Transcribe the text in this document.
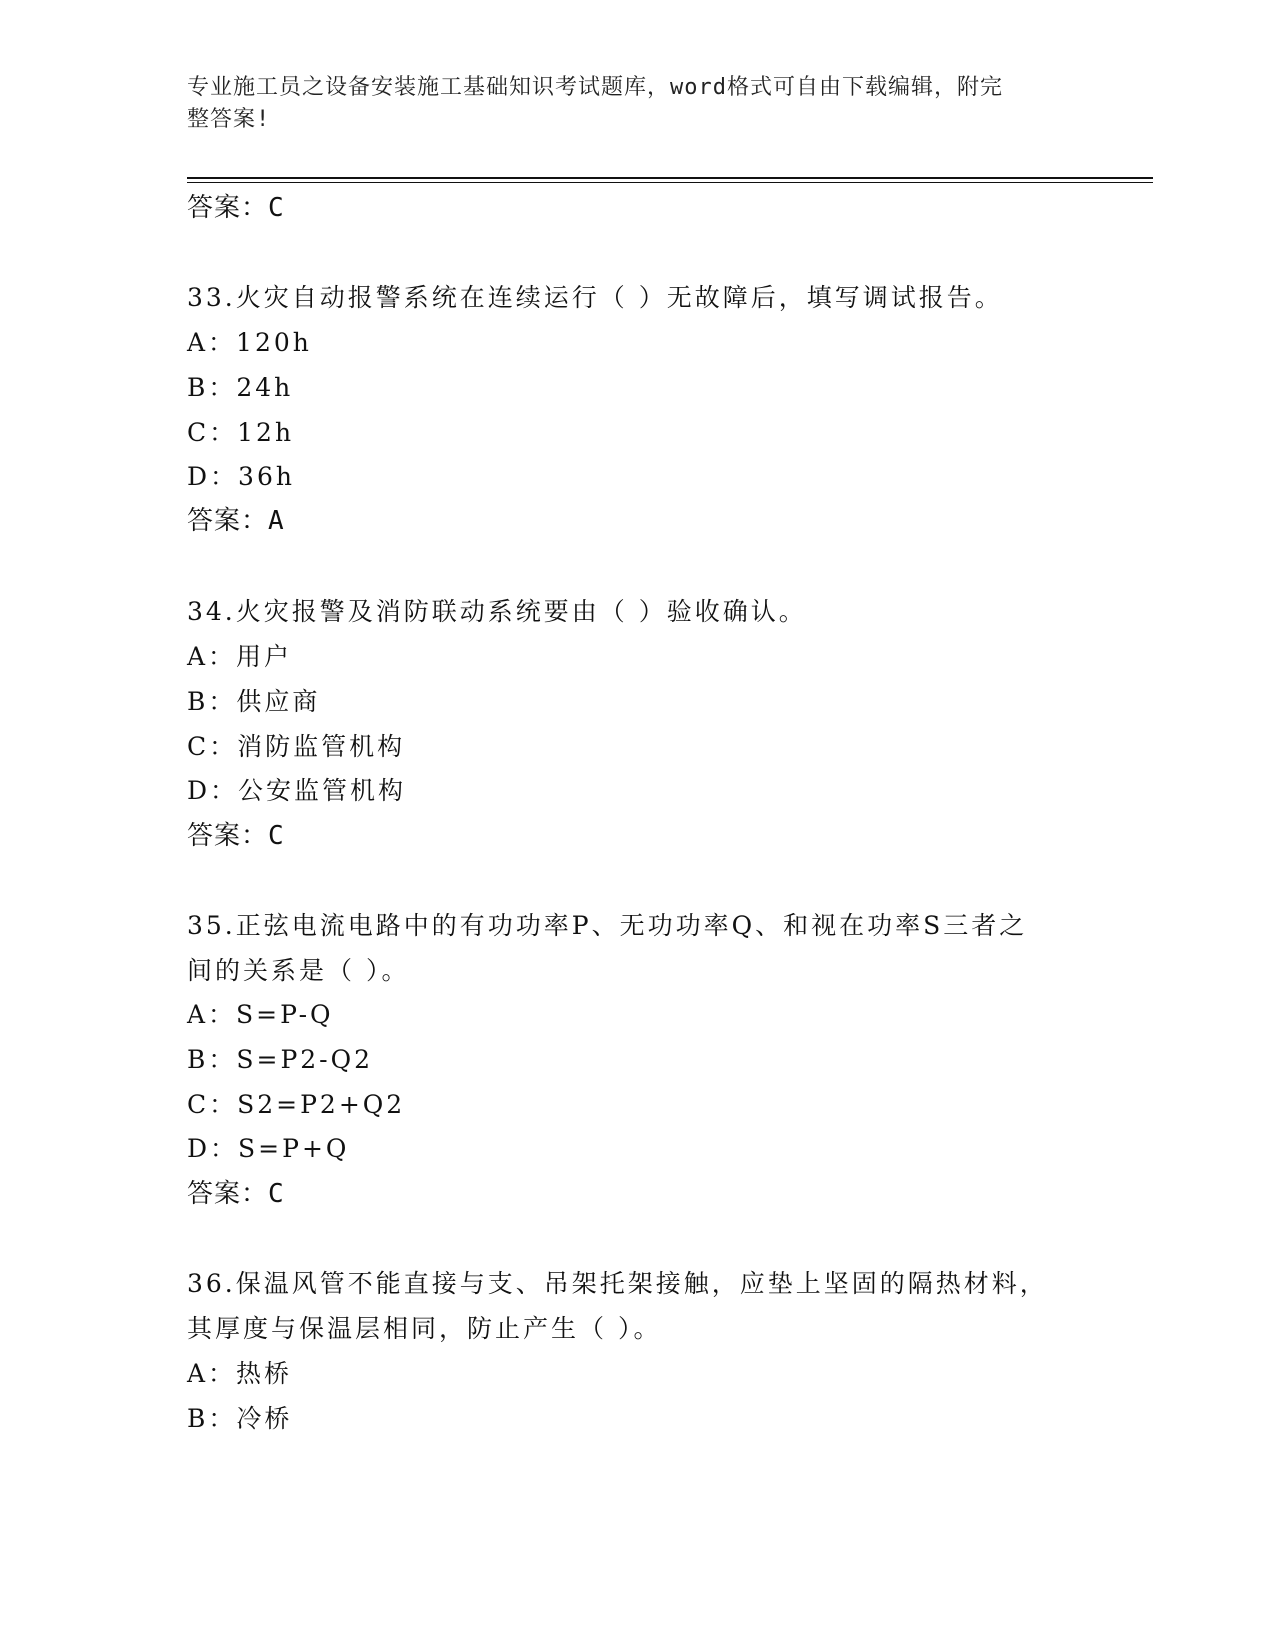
专业施工员之设备安装施工基础知识考试题库，word格式可自由下载编辑，附完
整答案!
答案：C
33.火灾自动报警系统在连续运行（ ）无故障后，填写调试报告。
A：120h
B：24h
C：12h
D：36h
答案：A
34.火灾报警及消防联动系统要由（ ）验收确认。
A：用户
B：供应商
C：消防监管机构
D：公安监管机构
答案：C
35.正弦电流电路中的有功功率P、无功功率Q、和视在功率S三者之
间的关系是（ ）。
A：S=P-Q
B：S=P2-Q2
C：S2=P2+Q2
D：S=P+Q
答案：C
36.保温风管不能直接与支、吊架托架接触，应垫上坚固的隔热材料，
其厚度与保温层相同，防止产生（ ）。
A：热桥
B：冷桥
